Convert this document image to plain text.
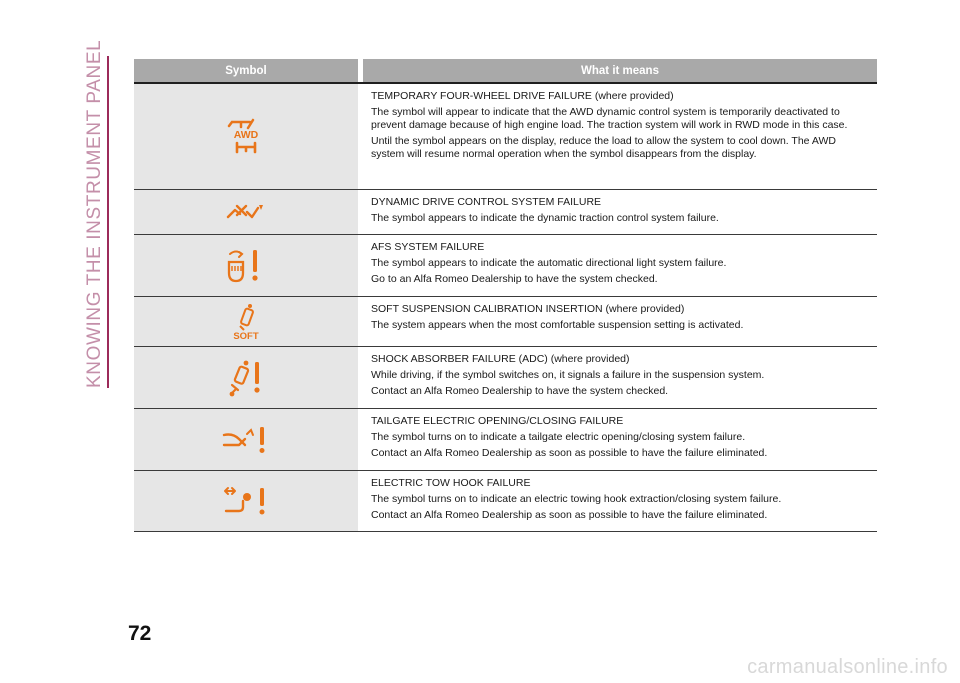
KNOWING THE INSTRUMENT PANEL	Symbol	What it means
AWD
TEMPORARY FOUR-WHEEL DRIVE FAILURE (where provided)
The symbol will appear to indicate that the AWD dynamic control system is temporarily deactivated to prevent damage because of high engine load. The traction system will work in RWD mode in this case.
Until the symbol appears on the display, reduce the load to allow the system to cool down. The AWD system will resume normal operation when the symbol disappears from the display.
DYNAMIC DRIVE CONTROL SYSTEM FAILURE
The symbol appears to indicate the dynamic traction control system failure.
AFS SYSTEM FAILURE
The symbol appears to indicate the automatic directional light system failure.
Go to an Alfa Romeo Dealership to have the system checked.
SOFT
SOFT SUSPENSION CALIBRATION INSERTION (where provided)
The system appears when the most comfortable suspension setting is activated.
SHOCK ABSORBER FAILURE (ADC) (where provided)
While driving, if the symbol switches on, it signals a failure in the suspension system.
Contact an Alfa Romeo Dealership to have the system checked.
TAILGATE ELECTRIC OPENING/CLOSING FAILURE
The symbol turns on to indicate a tailgate electric opening/closing system failure.
Contact an Alfa Romeo Dealership as soon as possible to have the failure eliminated.
ELECTRIC TOW HOOK FAILURE
The symbol turns on to indicate an electric towing hook extraction/closing system failure.
Contact an Alfa Romeo Dealership as soon as possible to have the failure eliminated.
72
carmanualsonline.info
